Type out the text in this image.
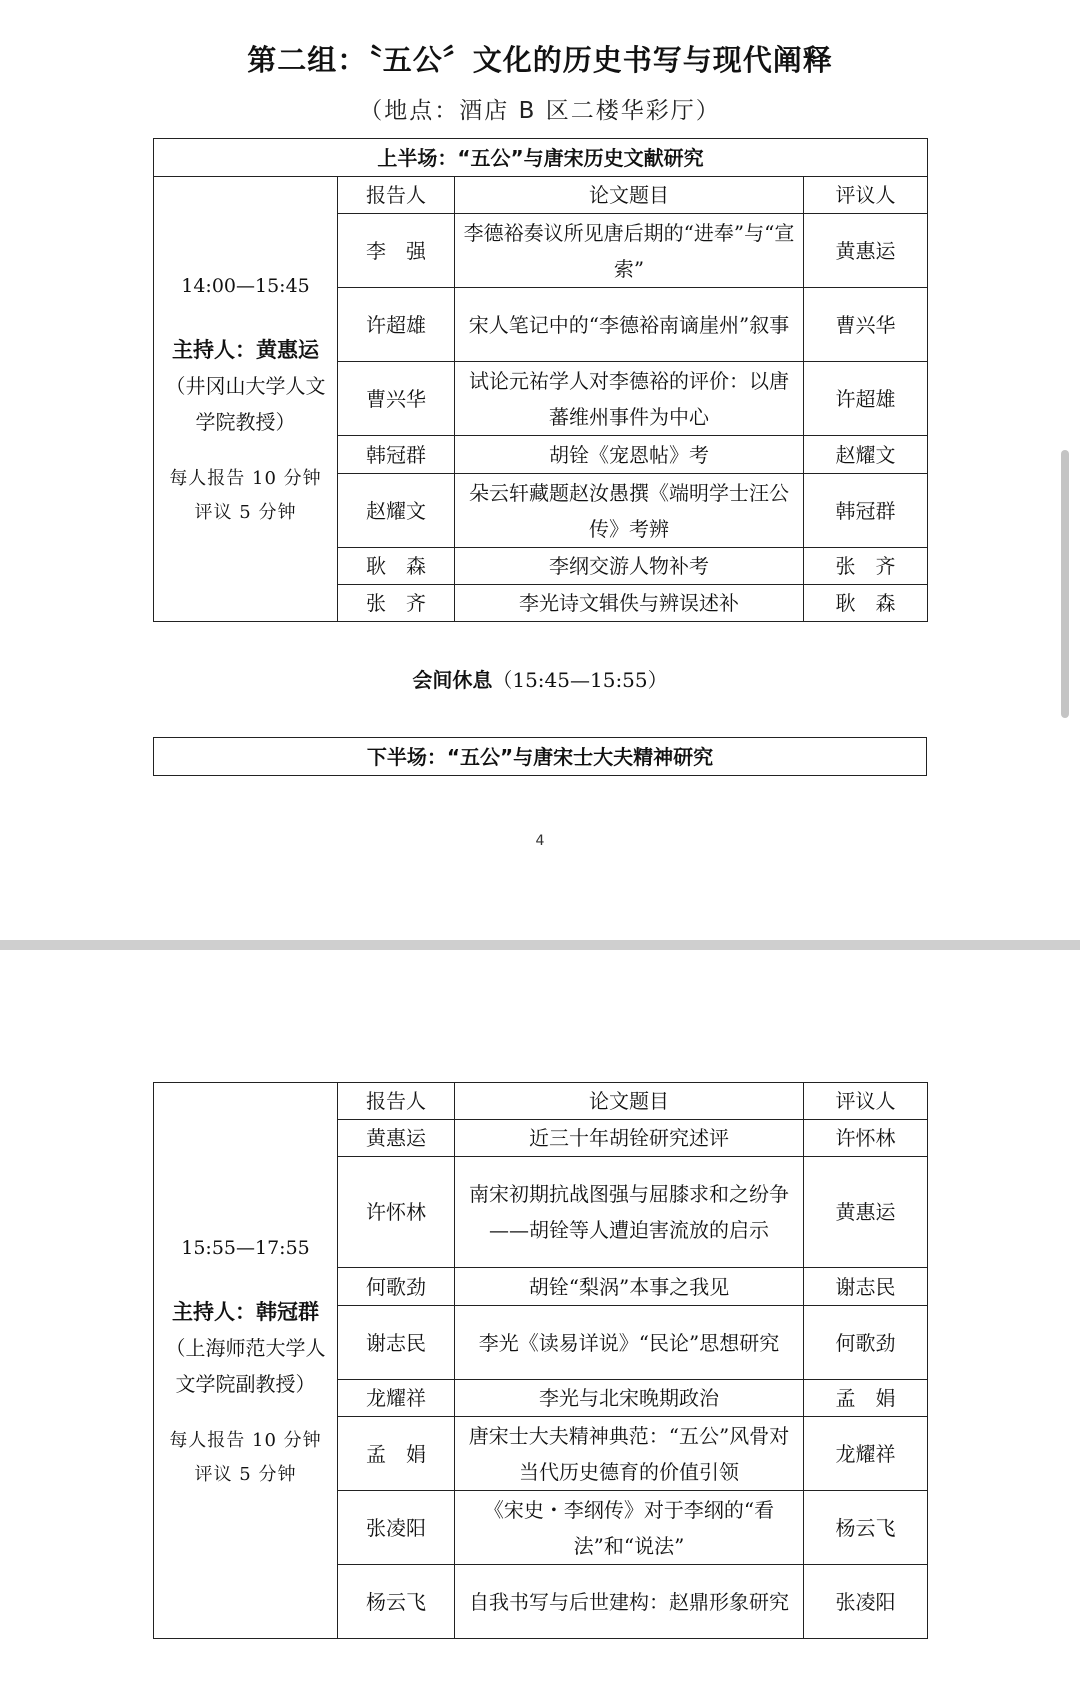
第二组：〝五公〞文化的历史书写与现代阐释
（地点：酒店 B 区二楼华彩厅）
上半场：“五公”与唐宋历史文献研究			

14:00—15:45
主持人：黄惠运
（井冈山大学人文学院教授）
每人报告 10 分钟
评议 5 分钟	报告人	论文题目	评议人
	李　强	李德裕奏议所见唐后期的“进奉”与“宣索”	黄惠运
	许超雄	宋人笔记中的“李德裕南谪崖州”叙事	曹兴华
	曹兴华	试论元祐学人对李德裕的评价：以唐蕃维州事件为中心	许超雄
	韩冠群	胡铨《宠恩帖》考	赵耀文
	赵耀文	朵云轩藏题赵汝愚撰《端明学士汪公传》考辨	韩冠群
	耿　森	李纲交游人物补考	张　齐
	张　齐	李光诗文辑佚与辨误述补	耿　森
会间休息（15:45—15:55）
下半场：“五公”与唐宋士大夫精神研究
4
15:55—17:55
主持人：韩冠群
（上海师范大学人文学院副教授）
每人报告 10 分钟
评议 5 分钟	报告人	论文题目	评议人
	黄惠运	近三十年胡铨研究述评	许怀林
	许怀林	南宋初期抗战图强与屈膝求和之纷争——胡铨等人遭迫害流放的启示	黄惠运
	何歌劲	胡铨“梨涡”本事之我见	谢志民
	谢志民	李光《读易详说》“民论”思想研究	何歌劲
	龙耀祥	李光与北宋晚期政治	孟　娟
	孟　娟	唐宋士大夫精神典范：“五公”风骨对当代历史德育的价值引领	龙耀祥
	张凌阳	《宋史・李纲传》对于李纲的“看法”和“说法”	杨云飞
	杨云飞	自我书写与后世建构：赵鼎形象研究	张凌阳
